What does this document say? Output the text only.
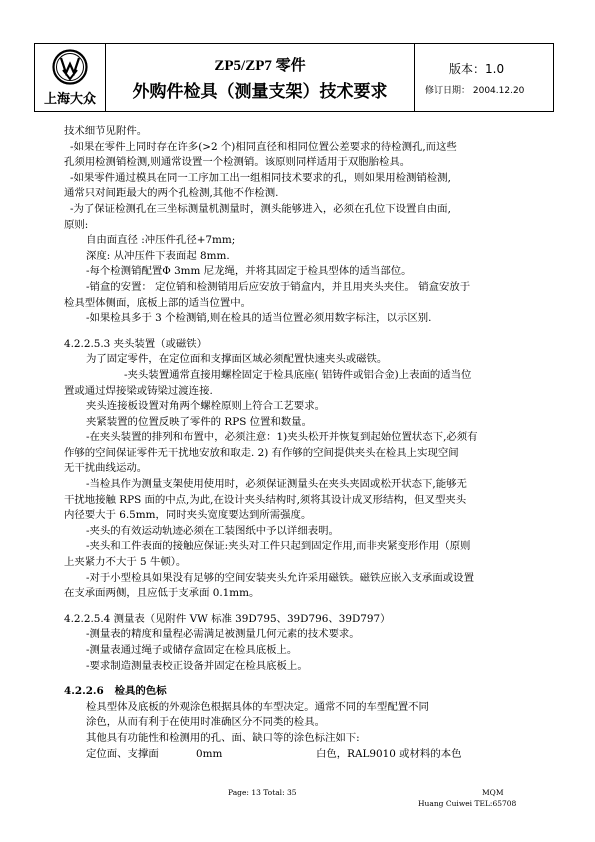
上海大众
ZP5/ZP7 零件
外购件检具（测量支架）技术要求
版本：1.0
修订日期： 2004.12.20

技术细节见附件。

-如果在零件上同时存在许多(>2 个)相同直径和相同位置公差要求的待检测孔,而这些

孔须用检测销检测,则通常设置一个检测销。该原则同样适用于双胞胎检具。

-如果零件通过模具在同一工序加工出一组相同技术要求的孔，则如果用检测销检测,

通常只对间距最大的两个孔检测,其他不作检测.

-为了保证检测孔在三坐标测量机测量时，测头能够进入，必须在孔位下设置自由面,

原则:

自由面直径 :冲压件孔径+7mm;

深度: 从冲压件下表面起 8mm.

-每个检测销配置Φ 3mm 尼龙绳，并将其固定于检具型体的适当部位。

-销盒的安置： 定位销和检测销用后应安放于销盒内，并且用夹头夹住。 销盒安放于

检具型体侧面，底板上部的适当位置中。

-如果检具多于 3 个检测销,则在检具的适当位置必须用数字标注，以示区别.

4.2.2.5.3 夹头装置（或磁铁）

为了固定零件，在定位面和支撑面区域必须配置快速夹头或磁铁。

-夹头装置通常直接用螺栓固定于检具底座( 铝铸件或铝合金)上表面的适当位

置或通过焊接梁或铸梁过渡连接.

夹头连接板设置对角两个螺栓原则上符合工艺要求。

夹紧装置的位置反映了零件的 RPS 位置和数量。

-在夹头装置的排列和布置中，必须注意：1)夹头松开并恢复到起始位置状态下,必须有

作够的空间保证零件无干扰地安放和取走. 2) 有作够的空间提供夹头在检具上实现空间

无干扰曲线运动。

-当检具作为测量支架使用使用时，必须保证测量头在夹头夹固或松开状态下,能够无

干扰地接触 RPS 面的中点,为此,在设计夹头结构时,须将其设计成叉形结构，但叉型夹头

内径要大于 6.5mm，同时夹头宽度要达到所需强度。

-夹头的有效运动轨迹必须在工装图纸中予以详细表明。

-夹头和工件表面的接触应保证:夹头对工件只起到固定作用,而非夹紧变形作用（原则

上夹紧力不大于 5 牛顿）。

-对于小型检具如果没有足够的空间安装夹头允许采用磁铁。磁铁应嵌入支承面或设置

在支承面两侧，且应低于支承面 0.1mm。

4.2.2.5.4 测量表（见附件 VW 标准 39D795、39D796、39D797）

-测量表的精度和量程必需满足被测量几何元素的技术要求。

-测量表通过绳子或储存盒固定在检具底板上。

-要求制造测量表校正设备并固定在检具底板上。

4.2.2.6 检具的色标

检具型体及底板的外观涂色根据具体的车型决定。通常不同的车型配置不同

涂色，从而有利于在使用时准确区分不同类的检具。

其他具有功能性和检测用的孔、面、缺口等的涂色标注如下:

定位面、支撑面	0mm	白色，RAL9010 或材料的本色
Page: 13 Total: 35	MQM
Huang Cuiwei TEL:65708
